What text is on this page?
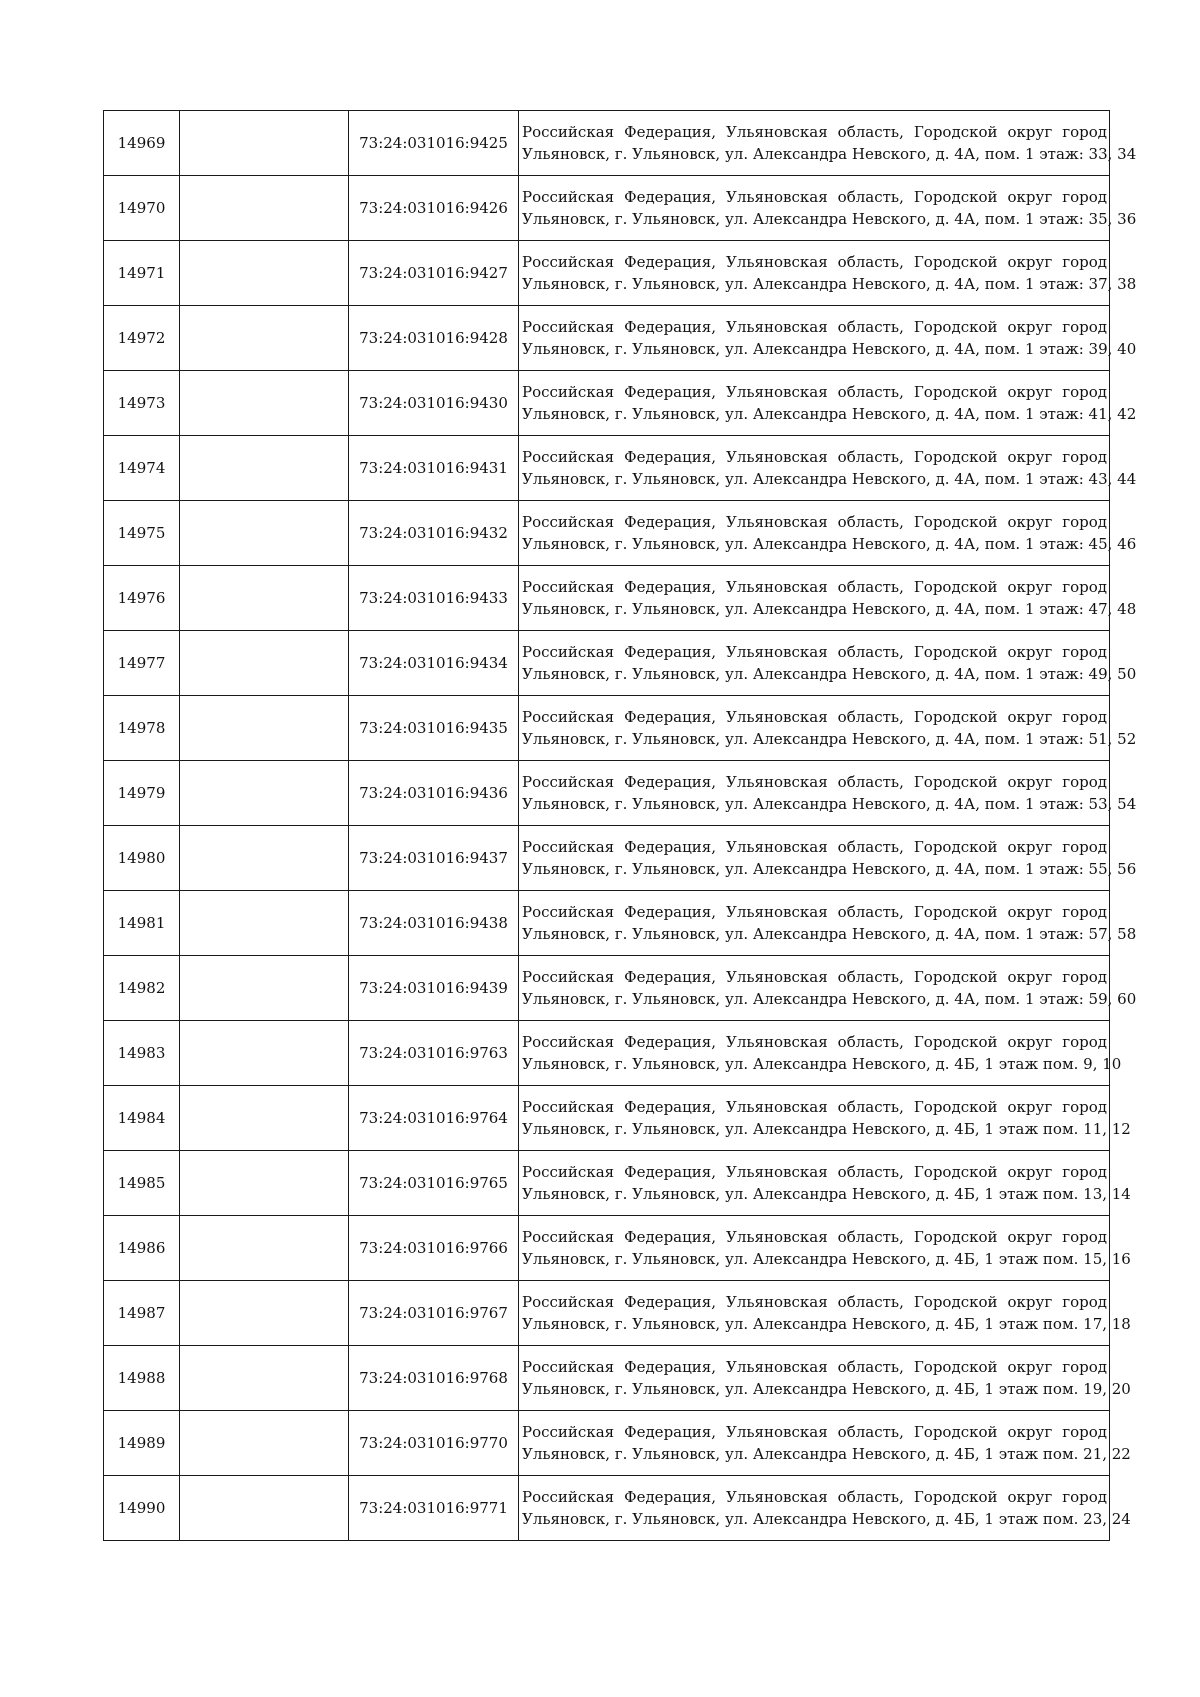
14969		73:24:031016:9425	Российская Федерация, Ульяновская область, Городской округ город
Ульяновск, г. Ульяновск, ул. Александра Невского, д. 4А, пом. 1 этаж: 33, 34

14970		73:24:031016:9426	Российская Федерация, Ульяновская область, Городской округ город
Ульяновск, г. Ульяновск, ул. Александра Невского, д. 4А, пом. 1 этаж: 35, 36

14971		73:24:031016:9427	Российская Федерация, Ульяновская область, Городской округ город
Ульяновск, г. Ульяновск, ул. Александра Невского, д. 4А, пом. 1 этаж: 37, 38

14972		73:24:031016:9428	Российская Федерация, Ульяновская область, Городской округ город
Ульяновск, г. Ульяновск, ул. Александра Невского, д. 4А, пом. 1 этаж: 39, 40

14973		73:24:031016:9430	Российская Федерация, Ульяновская область, Городской округ город
Ульяновск, г. Ульяновск, ул. Александра Невского, д. 4А, пом. 1 этаж: 41, 42

14974		73:24:031016:9431	Российская Федерация, Ульяновская область, Городской округ город
Ульяновск, г. Ульяновск, ул. Александра Невского, д. 4А, пом. 1 этаж: 43, 44

14975		73:24:031016:9432	Российская Федерация, Ульяновская область, Городской округ город
Ульяновск, г. Ульяновск, ул. Александра Невского, д. 4А, пом. 1 этаж: 45, 46

14976		73:24:031016:9433	Российская Федерация, Ульяновская область, Городской округ город
Ульяновск, г. Ульяновск, ул. Александра Невского, д. 4А, пом. 1 этаж: 47, 48

14977		73:24:031016:9434	Российская Федерация, Ульяновская область, Городской округ город
Ульяновск, г. Ульяновск, ул. Александра Невского, д. 4А, пом. 1 этаж: 49, 50

14978		73:24:031016:9435	Российская Федерация, Ульяновская область, Городской округ город
Ульяновск, г. Ульяновск, ул. Александра Невского, д. 4А, пом. 1 этаж: 51, 52

14979		73:24:031016:9436	Российская Федерация, Ульяновская область, Городской округ город
Ульяновск, г. Ульяновск, ул. Александра Невского, д. 4А, пом. 1 этаж: 53, 54

14980		73:24:031016:9437	Российская Федерация, Ульяновская область, Городской округ город
Ульяновск, г. Ульяновск, ул. Александра Невского, д. 4А, пом. 1 этаж: 55, 56

14981		73:24:031016:9438	Российская Федерация, Ульяновская область, Городской округ город
Ульяновск, г. Ульяновск, ул. Александра Невского, д. 4А, пом. 1 этаж: 57, 58

14982		73:24:031016:9439	Российская Федерация, Ульяновская область, Городской округ город
Ульяновск, г. Ульяновск, ул. Александра Невского, д. 4А, пом. 1 этаж: 59, 60

14983		73:24:031016:9763	Российская Федерация, Ульяновская область, Городской округ город
Ульяновск, г. Ульяновск, ул. Александра Невского, д. 4Б, 1 этаж пом. 9, 10

14984		73:24:031016:9764	Российская Федерация, Ульяновская область, Городской округ город
Ульяновск, г. Ульяновск, ул. Александра Невского, д. 4Б, 1 этаж пом. 11, 12

14985		73:24:031016:9765	Российская Федерация, Ульяновская область, Городской округ город
Ульяновск, г. Ульяновск, ул. Александра Невского, д. 4Б, 1 этаж пом. 13, 14

14986		73:24:031016:9766	Российская Федерация, Ульяновская область, Городской округ город
Ульяновск, г. Ульяновск, ул. Александра Невского, д. 4Б, 1 этаж пом. 15, 16

14987		73:24:031016:9767	Российская Федерация, Ульяновская область, Городской округ город
Ульяновск, г. Ульяновск, ул. Александра Невского, д. 4Б, 1 этаж пом. 17, 18

14988		73:24:031016:9768	Российская Федерация, Ульяновская область, Городской округ город
Ульяновск, г. Ульяновск, ул. Александра Невского, д. 4Б, 1 этаж пом. 19, 20

14989		73:24:031016:9770	Российская Федерация, Ульяновская область, Городской округ город
Ульяновск, г. Ульяновск, ул. Александра Невского, д. 4Б, 1 этаж пом. 21, 22

14990		73:24:031016:9771	Российская Федерация, Ульяновская область, Городской округ город
Ульяновск, г. Ульяновск, ул. Александра Невского, д. 4Б, 1 этаж пом. 23, 24
